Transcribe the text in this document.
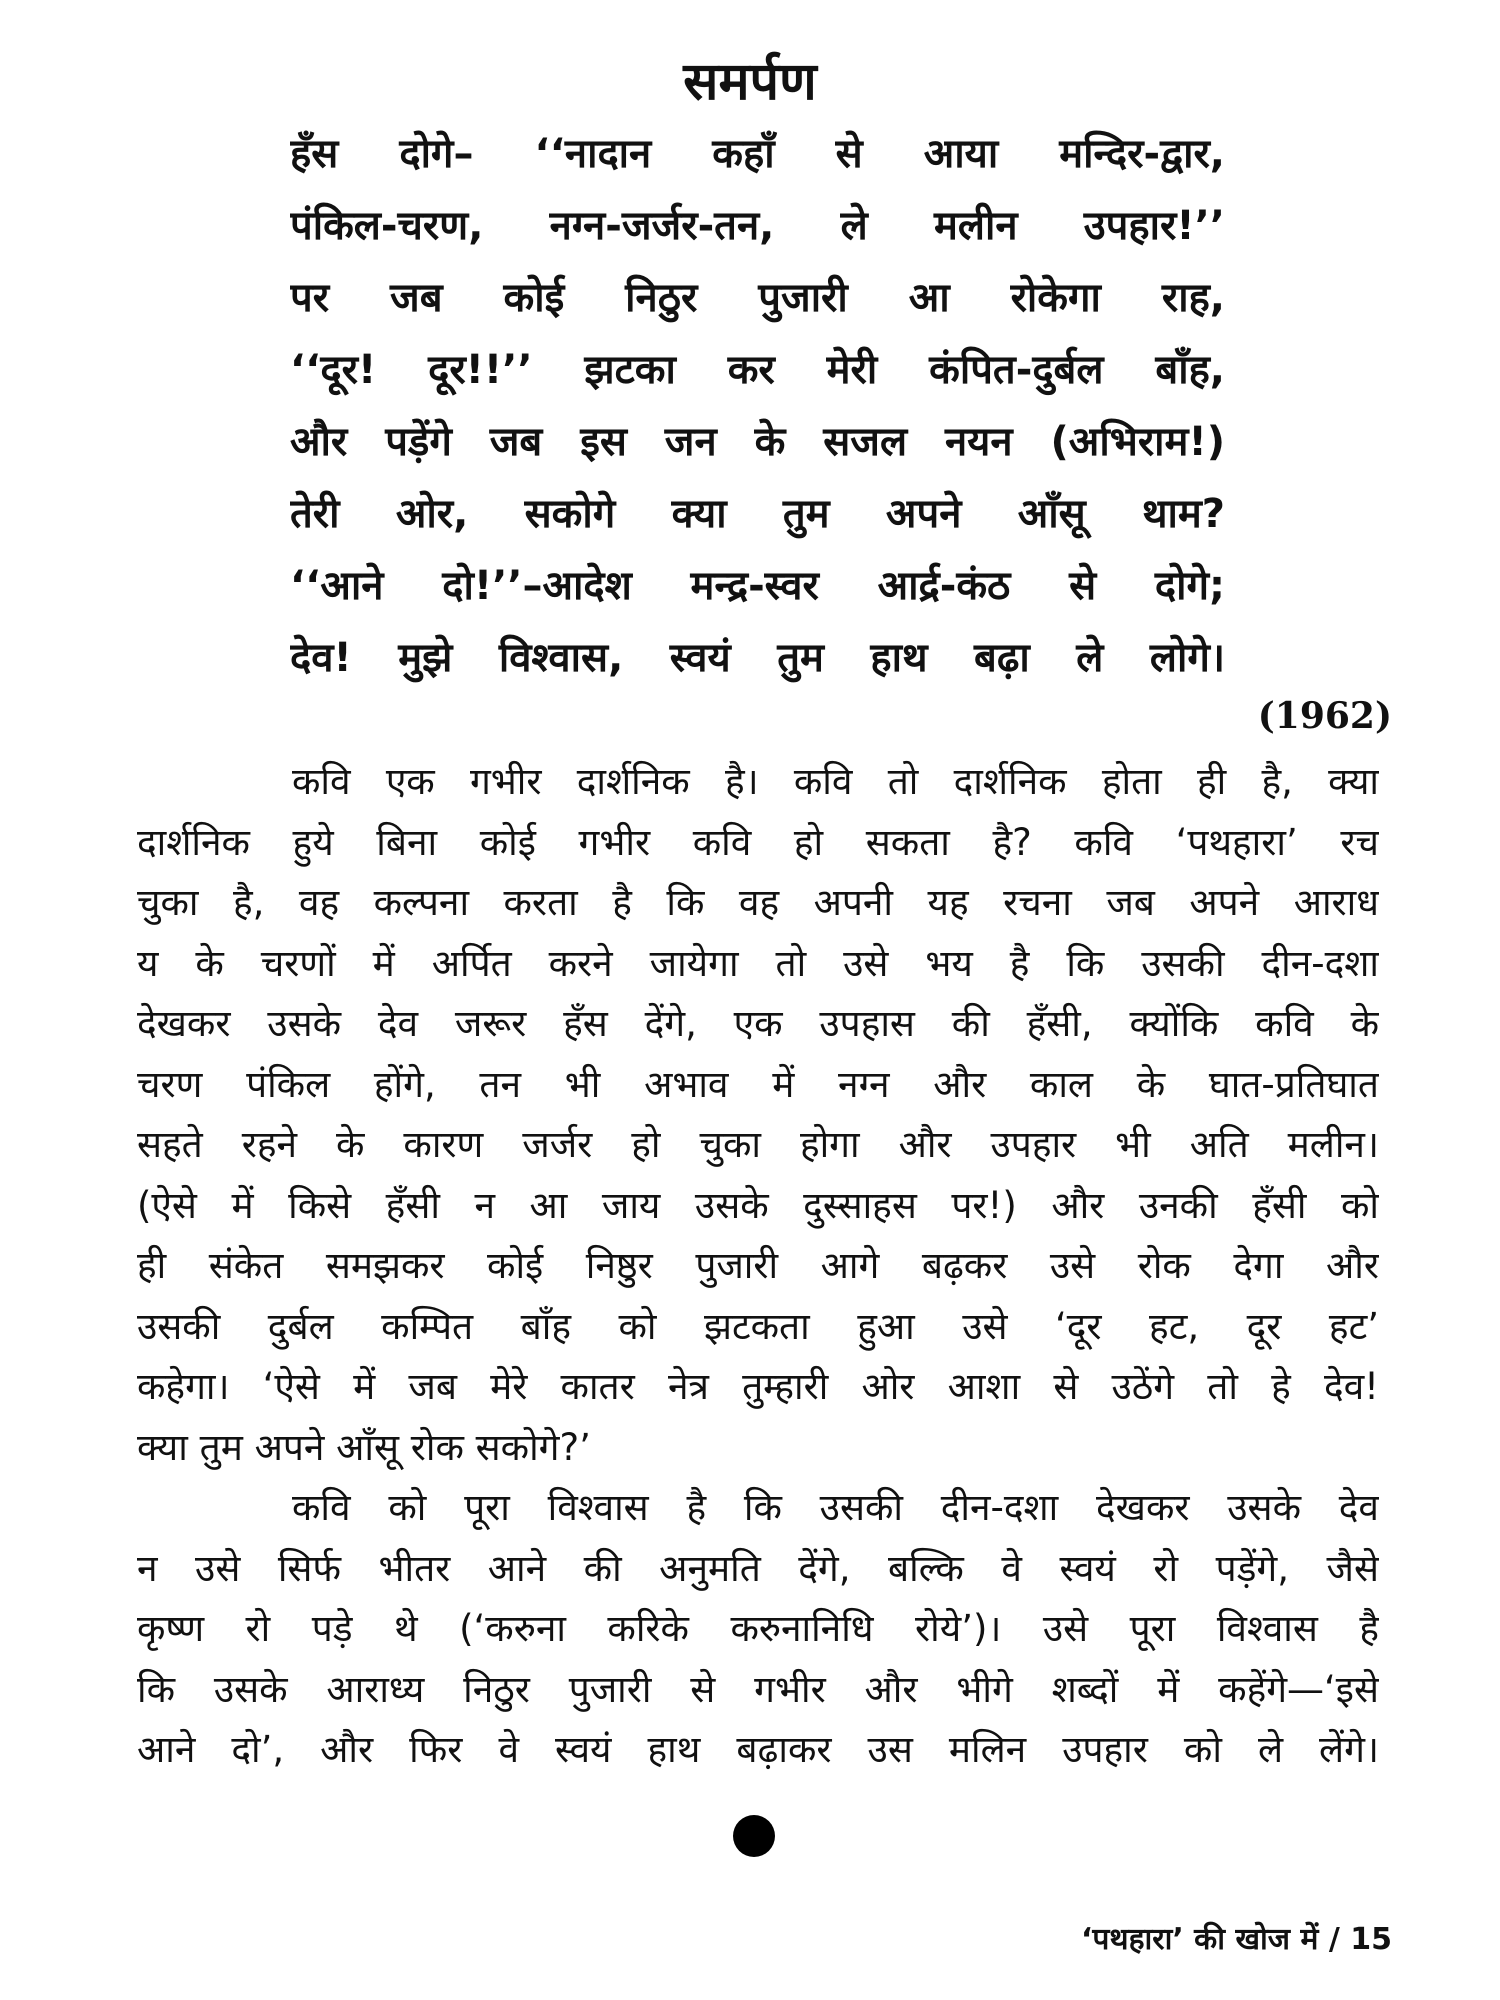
समर्पण
हँस दोगे– ‘‘नादान कहाँ से आया मन्दिर-द्वार,
पंकिल-चरण, नग्न-जर्जर-तन, ले मलीन उपहार!’’
पर जब कोई निठुर पुजारी आ रोकेगा राह,
‘‘दूर! दूर!!’’ झटका कर मेरी कंपित-दुर्बल बाँह,
और पड़ेंगे जब इस जन के सजल नयन (अभिराम!)
तेरी ओर, सकोगे क्या तुम अपने आँसू थाम?
‘‘आने दो!’’–आदेश मन्द्र-स्वर आर्द्र-कंठ से दोगे;
देव! मुझे विश्वास, स्वयं तुम हाथ बढ़ा ले लोगे।
(1962)
कवि एक गभीर दार्शनिक है। कवि तो दार्शनिक होता ही है, क्या
दार्शनिक हुये बिना कोई गभीर कवि हो सकता है? कवि ‘पथहारा’ रच
चुका है, वह कल्पना करता है कि वह अपनी यह रचना जब अपने आराध
य के चरणों में अर्पित करने जायेगा तो उसे भय है कि उसकी दीन-दशा
देखकर उसके देव जरूर हँस देंगे, एक उपहास की हँसी, क्योंकि कवि के
चरण पंकिल होंगे, तन भी अभाव में नग्न और काल के घात-प्रतिघात
सहते रहने के कारण जर्जर हो चुका होगा और उपहार भी अति मलीन।
(ऐसे में किसे हँसी न आ जाय उसके दुस्साहस पर!) और उनकी हँसी को
ही संकेत समझकर कोई निष्ठुर पुजारी आगे बढ़कर उसे रोक देगा और
उसकी दुर्बल कम्पित बाँह को झटकता हुआ उसे ‘दूर हट, दूर हट’
कहेगा। ‘ऐसे में जब मेरे कातर नेत्र तुम्हारी ओर आशा से उठेंगे तो हे देव!
क्या तुम अपने आँसू रोक सकोगे?’
कवि को पूरा विश्वास है कि उसकी दीन-दशा देखकर उसके देव
न उसे सिर्फ भीतर आने की अनुमति देंगे, बल्कि वे स्वयं रो पड़ेंगे, जैसे
कृष्ण रो पड़े थे (‘करुना करिके करुनानिधि रोये’)। उसे पूरा विश्वास है
कि उसके आराध्य निठुर पुजारी से गभीर और भीगे शब्दों में कहेंगे—‘इसे
आने दो’, और फिर वे स्वयं हाथ बढ़ाकर उस मलिन उपहार को ले लेंगे।
‘पथहारा’ की खोज में / 15
